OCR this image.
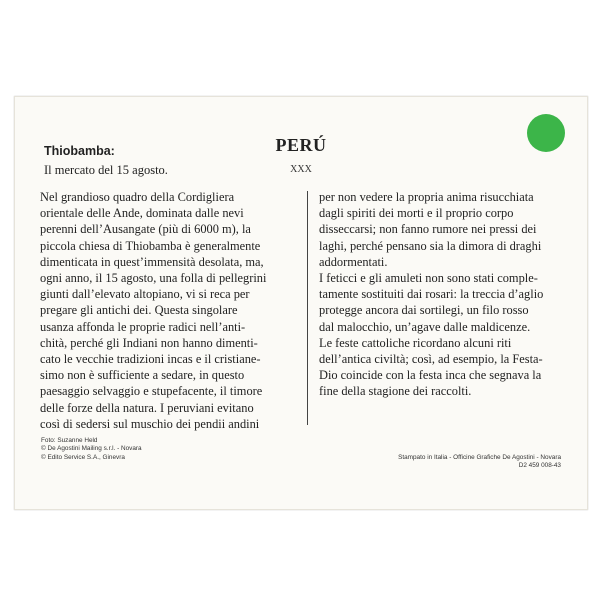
PERÚ
XXX
Thiobamba:
Il mercato del 15 agosto.
Nel grandioso quadro della Cordigliera
orientale delle Ande, dominata dalle nevi
perenni dell’Ausangate (più di 6000 m), la
piccola chiesa di Thiobamba è generalmente
dimenticata in quest’immensità desolata, ma,
ogni anno, il 15 agosto, una folla di pellegrini
giunti dall’elevato altopiano, vi si reca per
pregare gli antichi dei. Questa singolare
usanza affonda le proprie radici nell’anti-
chità, perché gli Indiani non hanno dimenti-
cato le vecchie tradizioni incas e il cristiane-
simo non è sufficiente a sedare, in questo
paesaggio selvaggio e stupefacente, il timore
delle forze della natura. I peruviani evitano
così di sedersi sul muschio dei pendii andini
per non vedere la propria anima risucchiata
dagli spiriti dei morti e il proprio corpo
disseccarsi; non fanno rumore nei pressi dei
laghi, perché pensano sia la dimora di draghi
addormentati.
I feticci e gli amuleti non sono stati comple-
tamente sostituiti dai rosari: la treccia d’aglio
protegge ancora dai sortilegi, un filo rosso
dal malocchio, un’agave dalle maldicenze.
Le feste cattoliche ricordano alcuni riti
dell’antica civiltà; così, ad esempio, la Festa-
Dio coincide con la festa inca che segnava la
fine della stagione dei raccolti.
Foto: Suzanne Held
© De Agostini Mailing s.r.l. - Novara
© Edito Service S.A., Ginevra	Stampato in Italia - Officine Grafiche De Agostini - Novara
D2 459 008-43
